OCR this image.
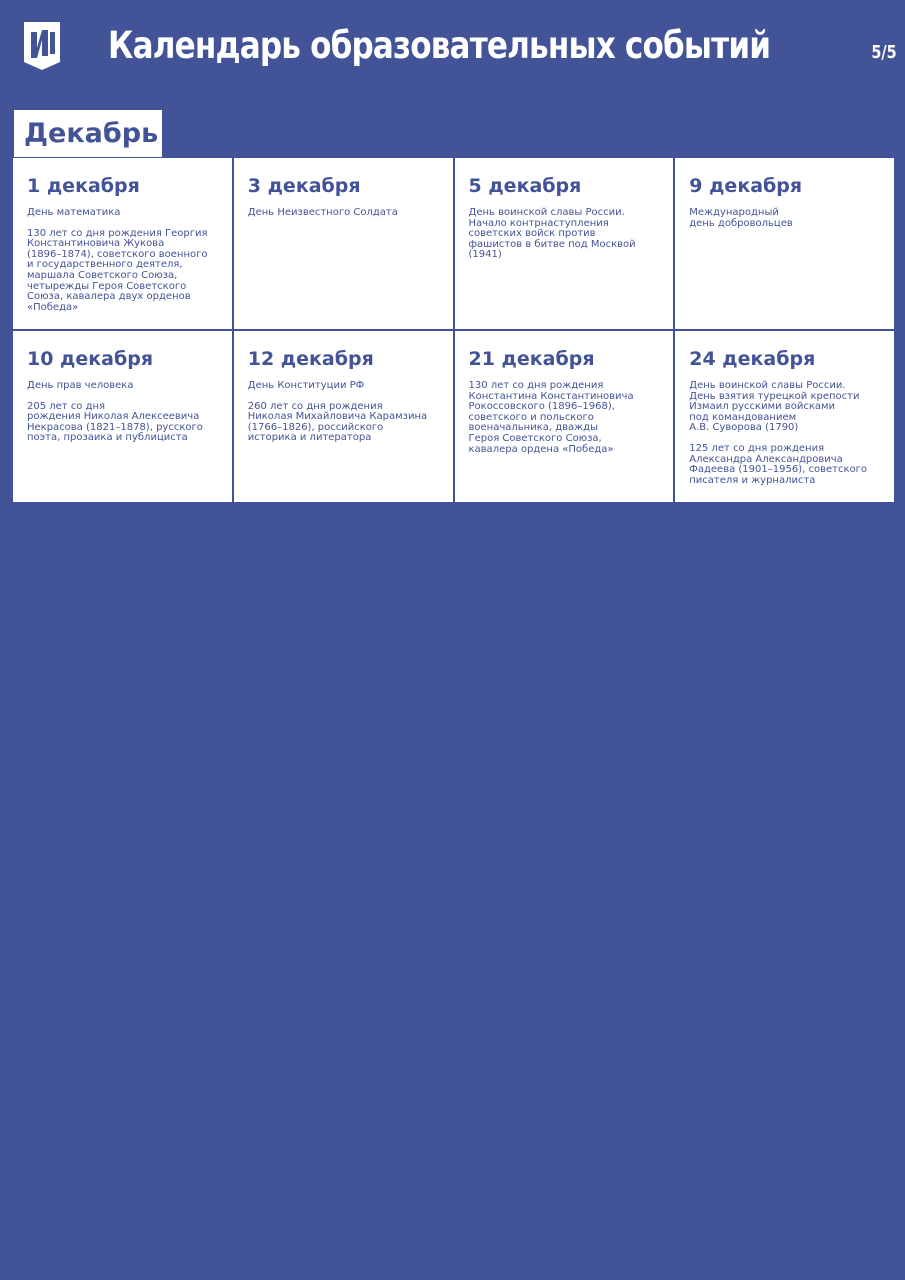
Календарь образовательных событий	5/5
Декабрь
1 декабря
День математика
130 лет со дня рождения Георгия
Константиновича Жукова
(1896–1874), советского военного
и государственного деятеля,
маршала Советского Союза,
четырежды Героя Советского
Союза, кавалера двух орденов
«Победа»
3 декабря
День Неизвестного Солдата
5 декабря
День воинской славы России.
Начало контрнаступления
советских войск против
фашистов в битве под Москвой
(1941)
9 декабря
Международный
день добровольцев
10 декабря
День прав человека
205 лет со дня
рождения Николая Алексеевича
Некрасова (1821–1878), русского
поэта, прозаика и публициста
12 декабря
День Конституции РФ
260 лет со дня рождения
Николая Михайловича Карамзина
(1766–1826), российского
историка и литератора
21 декабря
130 лет со дня рождения
Константина Константиновича
Рокоссовского (1896–1968),
советского и польского
военачальника, дважды
Героя Советского Союза,
кавалера ордена «Победа»
24 декабря
День воинской славы России.
День взятия турецкой крепости
Измаил русскими войсками
под командованием
А.В. Суворова (1790)
125 лет со дня рождения
Александра Александровича
Фадеева (1901–1956), советского
писателя и журналиста
